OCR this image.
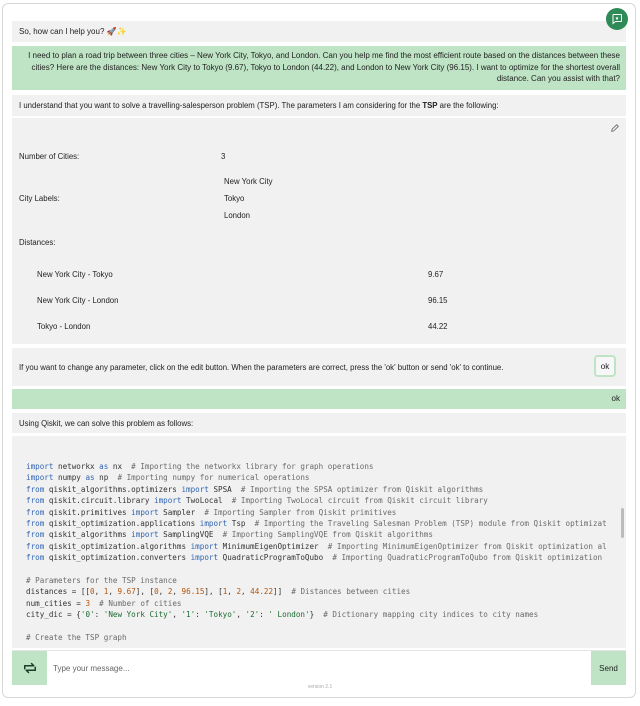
So, how can I help you? 🚀✨
I need to plan a road trip between three cities – New York City, Tokyo, and London. Can you help me find the most efficient route based on the distances between these cities? Here are the distances: New York City to Tokyo (9.67), Tokyo to London (44.22), and London to New York City (96.15). I want to optimize for the shortest overall distance. Can you assist with that?
I understand that you want to solve a travelling-salesperson problem (TSP). The parameters I am considering for the TSP are the following:
Number of Cities:	3
New York City
City Labels:	Tokyo
London
Distances:
New York City - Tokyo	9.67
New York City - London	96.15
Tokyo - London	44.22
If you want to change any parameter, click on the edit button. When the parameters are correct, press the 'ok' button or send 'ok' to continue.	ok
ok
Using Qiskit, we can solve this problem as follows:
import networkx as nx  # Importing the networkx library for graph operations
import numpy as np  # Importing numpy for numerical operations
from qiskit_algorithms.optimizers import SPSA  # Importing the SPSA optimizer from Qiskit algorithms
from qiskit.circuit.library import TwoLocal  # Importing TwoLocal circuit from Qiskit circuit library
from qiskit.primitives import Sampler  # Importing Sampler from Qiskit primitives
from qiskit_optimization.applications import Tsp  # Importing the Traveling Salesman Problem (TSP) module from Qiskit optimizat
from qiskit_algorithms import SamplingVQE  # Importing SamplingVQE from Qiskit algorithms
from qiskit_optimization.algorithms import MinimumEigenOptimizer  # Importing MinimumEigenOptimizer from Qiskit optimization al
from qiskit_optimization.converters import QuadraticProgramToQubo  # Importing QuadraticProgramToQubo from Qiskit optimization

# Parameters for the TSP instance
distances = [[0, 1, 9.67], [0, 2, 96.15], [1, 2, 44.22]]  # Distances between cities
num_cities = 3 # Number of cities
city_dic = {'0': 'New York City', '1': 'Tokyo', '2': ' London'}  # Dictionary mapping city indices to city names

# Create the TSP graph
Type your message...
Send
version 2.1
